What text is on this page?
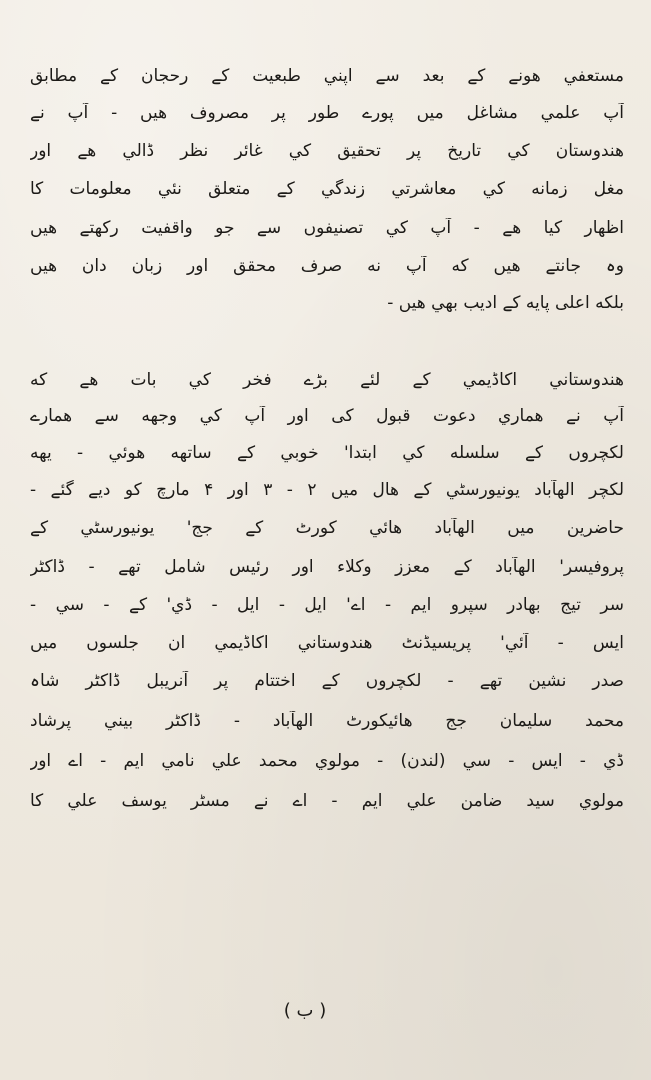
مستعفي هونے کے بعد سے اپني طبعيت کے رحجان کے مطابق
آپ علمي مشاغل ميں پورے طور پر مصروف هيں - آپ نے
هندوستان کي تاريخ پر تحقيق کي غائر نظر ڈالي هے اور
مغل زمانه کي معاشرتي زندگي کے متعلق نئي معلومات کا
اظهار کيا هے - آپ کي تصنيفوں سے جو واقفيت رکهتے هيں
وہ جانتے هيں که آپ نه صرف محقق اور زبان دان هيں
بلکه اعلی پايه کے اديب بهي هيں -
هندوستاني اکاڈيمي کے لئے بڑے فخر کي بات هے که
آپ نے هماري دعوت قبول کی اور آپ کي وجهه سے همارے
لکچروں کے سلسله کي ابتدا' خوبي کے ساتهه هوئي - يهه
لکچر الهآباد يونيورسٹي کے هال ميں ۲ - ۳ اور ۴ مارچ کو ديے گئے -
حاضرين ميں الهآباد هائي کورٹ کے جج' يونيورسٹي کے
پروفيسر' الهآباد کے معزز وکلاء اور رئيس شامل تهے - ڈاکٹر
سر تيج بهادر سپرو ايم - اے' ايل - ايل - ڈي' کے - سي -
ايس - آئي' پريسيڈنٹ هندوستاني اکاڈيمي ان جلسوں ميں
صدر نشين تهے - لکچروں کے اختتام پر آنريبل ڈاکٹر شاہ
محمد سليمان جج هائيکورٹ الهآباد - ڈاکٹر بيني پرشاد
ڈي - ايس - سي (لندن) - مولوي محمد علي نامي ايم - اے اور
مولوي سيد ضامن علي ايم - اے نے مسٹر يوسف علي کا
( ب )
